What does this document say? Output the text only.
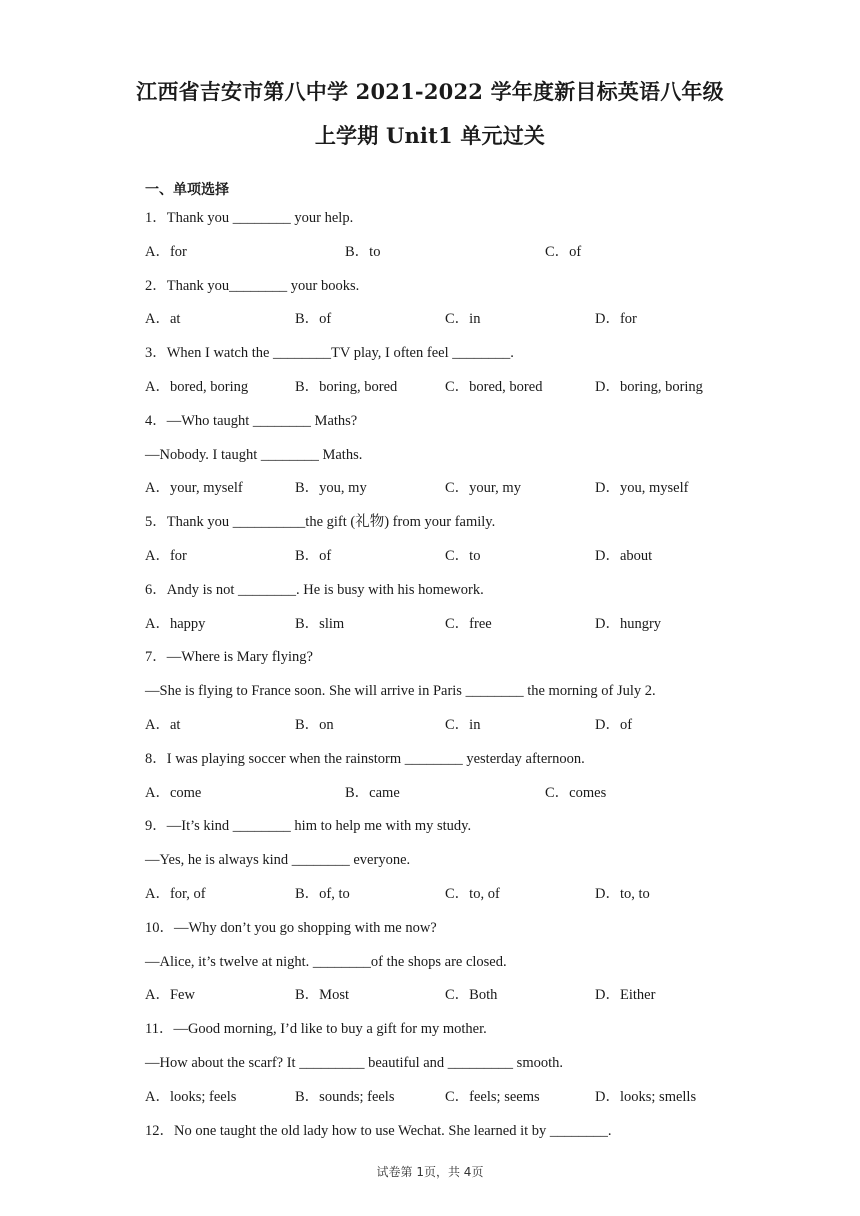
江西省吉安市第八中学 2021-2022 学年度新目标英语八年级
上学期 Unit1 单元过关
一、单项选择
1．Thank you ________ your help.
A．for	B．to	C．of
2．Thank you________ your books.
A．at	B．of	C．in	D．for
3．When I watch the ________TV play, I often feel ________.
A．bored, boring	B．boring, bored	C．bored, bored	D．boring, boring
4．—Who taught ________ Maths?
—Nobody. I taught ________ Maths.
A．your, myself	B．you, my	C．your, my	D．you, myself
5．Thank you __________the gift (礼物) from your family.
A．for	B．of	C．to	D．about
6．Andy is not ________. He is busy with his homework.
A．happy	B．slim	C．free	D．hungry
7．—Where is Mary flying?
—She is flying to France soon. She will arrive in Paris ________ the morning of July 2.
A．at	B．on	C．in	D．of
8．I was playing soccer when the rainstorm ________ yesterday afternoon.
A．come	B．came	C．comes
9．—It’s kind ________ him to help me with my study.
—Yes, he is always kind ________ everyone.
A．for, of	B．of, to	C．to, of	D．to, to
10．—Why don’t you go shopping with me now?
—Alice, it’s twelve at night. ________of the shops are closed.
A．Few	B．Most	C．Both	D．Either
11．—Good morning, I’d like to buy a gift for my mother.
—How about the scarf? It _________ beautiful and _________ smooth.
A．looks; feels	B．sounds; feels	C．feels; seems	D．looks; smells
12．No one taught the old lady how to use Wechat. She learned it by ________.
试卷第 1页，共 4页
